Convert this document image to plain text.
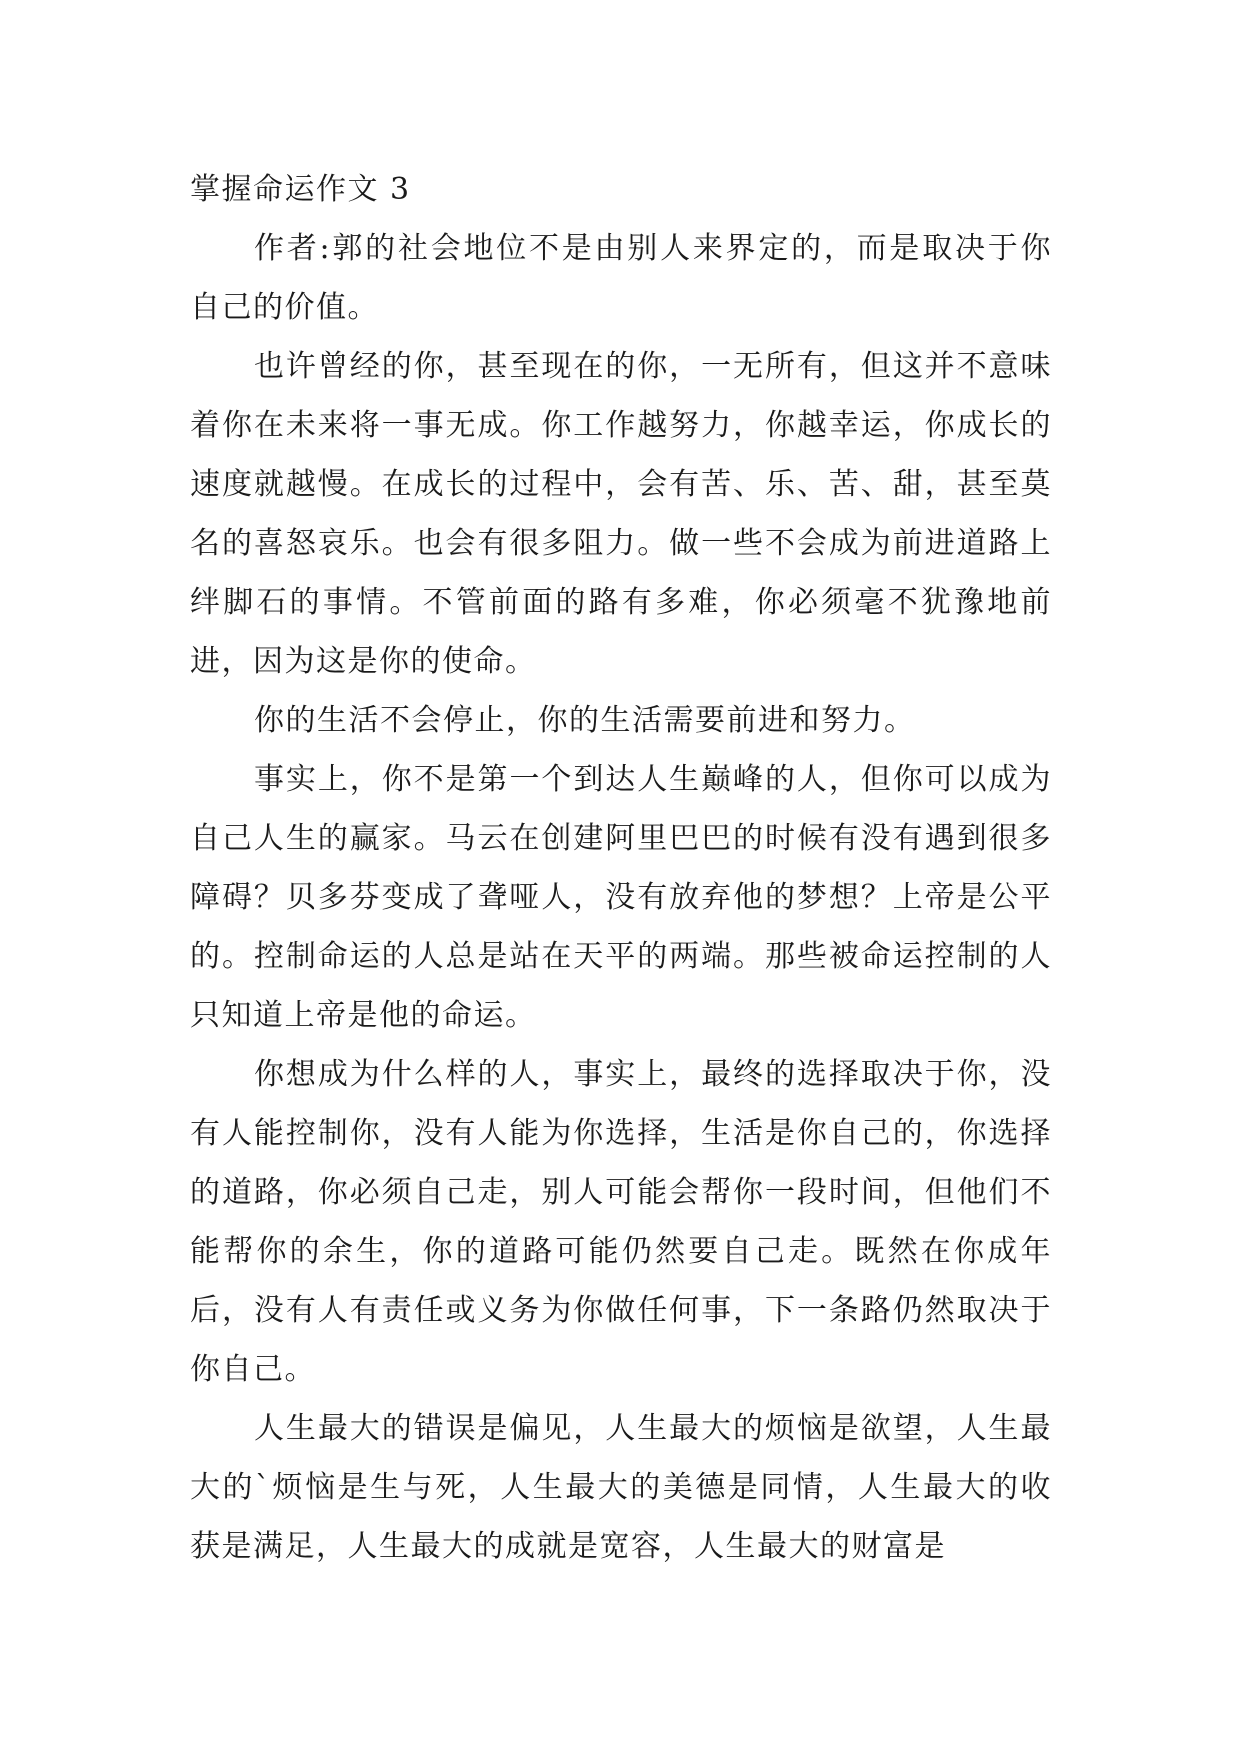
掌握命运作文 3

作者:郭的社会地位不是由别人来界定的，而是取决于你自己的价值。

也许曾经的你，甚至现在的你，一无所有，但这并不意味着你在未来将一事无成。你工作越努力，你越幸运，你成长的速度就越慢。在成长的过程中，会有苦、乐、苦、甜，甚至莫名的喜怒哀乐。也会有很多阻力。做一些不会成为前进道路上绊脚石的事情。不管前面的路有多难，你必须毫不犹豫地前进，因为这是你的使命。

你的生活不会停止，你的生活需要前进和努力。

事实上，你不是第一个到达人生巅峰的人，但你可以成为自己人生的赢家。马云在创建阿里巴巴的时候有没有遇到很多障碍？贝多芬变成了聋哑人，没有放弃他的梦想？上帝是公平的。控制命运的人总是站在天平的两端。那些被命运控制的人只知道上帝是他的命运。

你想成为什么样的人，事实上，最终的选择取决于你，没有人能控制你，没有人能为你选择，生活是你自己的，你选择的道路，你必须自己走，别人可能会帮你一段时间，但他们不能帮你的余生，你的道路可能仍然要自己走。既然在你成年后，没有人有责任或义务为你做任何事，下一条路仍然取决于你自己。

人生最大的错误是偏见，人生最大的烦恼是欲望，人生最大的`烦恼是生与死，人生最大的美德是同情，人生最大的收获是满足，人生最大的成就是宽容，人生最大的财富是
